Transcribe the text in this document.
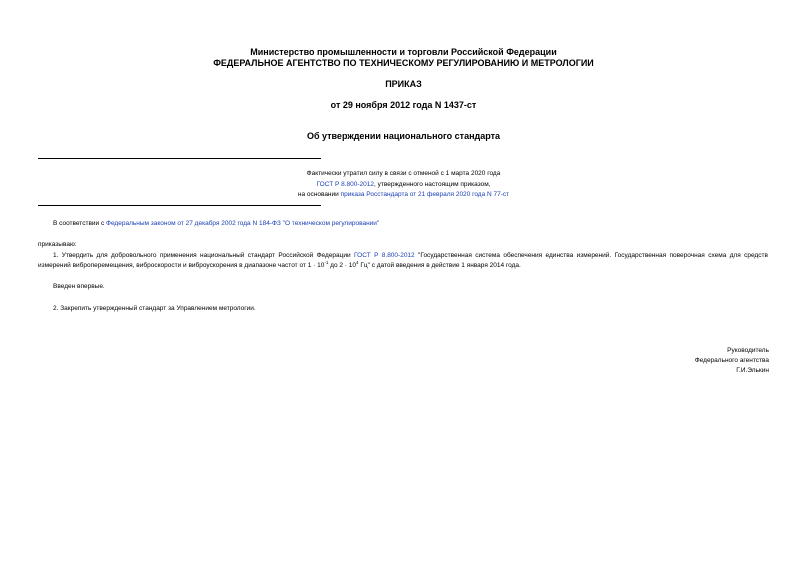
Министерство промышленности и торговли Российской Федерации
ФЕДЕРАЛЬНОЕ АГЕНТСТВО ПО ТЕХНИЧЕСКОМУ РЕГУЛИРОВАНИЮ И МЕТРОЛОГИИ
ПРИКАЗ
от 29 ноября 2012 года N 1437-ст
Об утверждении национального стандарта
Фактически утратил силу в связи с отменой с 1 марта 2020 года
ГОСТ Р 8.800-2012, утвержденного настоящим приказом,
на основании приказа Росстандарта от 21 февраля 2020 года N 77-ст
В соответствии с Федеральным законом от 27 декабря 2002 года N 184-ФЗ "О техническом регулировании"
приказываю:
1. Утвердить для добровольного применения национальный стандарт Российской Федерации ГОСТ Р 8.800-2012 "Государственная система обеспечения единства измерений. Государственная поверочная схема для средств измерений виброперемещения, виброскорости и виброускорения в диапазоне частот от $1 \cdot 10^{-1}$ до $2 \cdot 10^4$ Гц" с датой введения в действие 1 января 2014 года.
Введен впервые.
2. Закрепить утвержденный стандарт за Управлением метрологии.
Руководитель
Федерального агентства
Г.И.Элькин
